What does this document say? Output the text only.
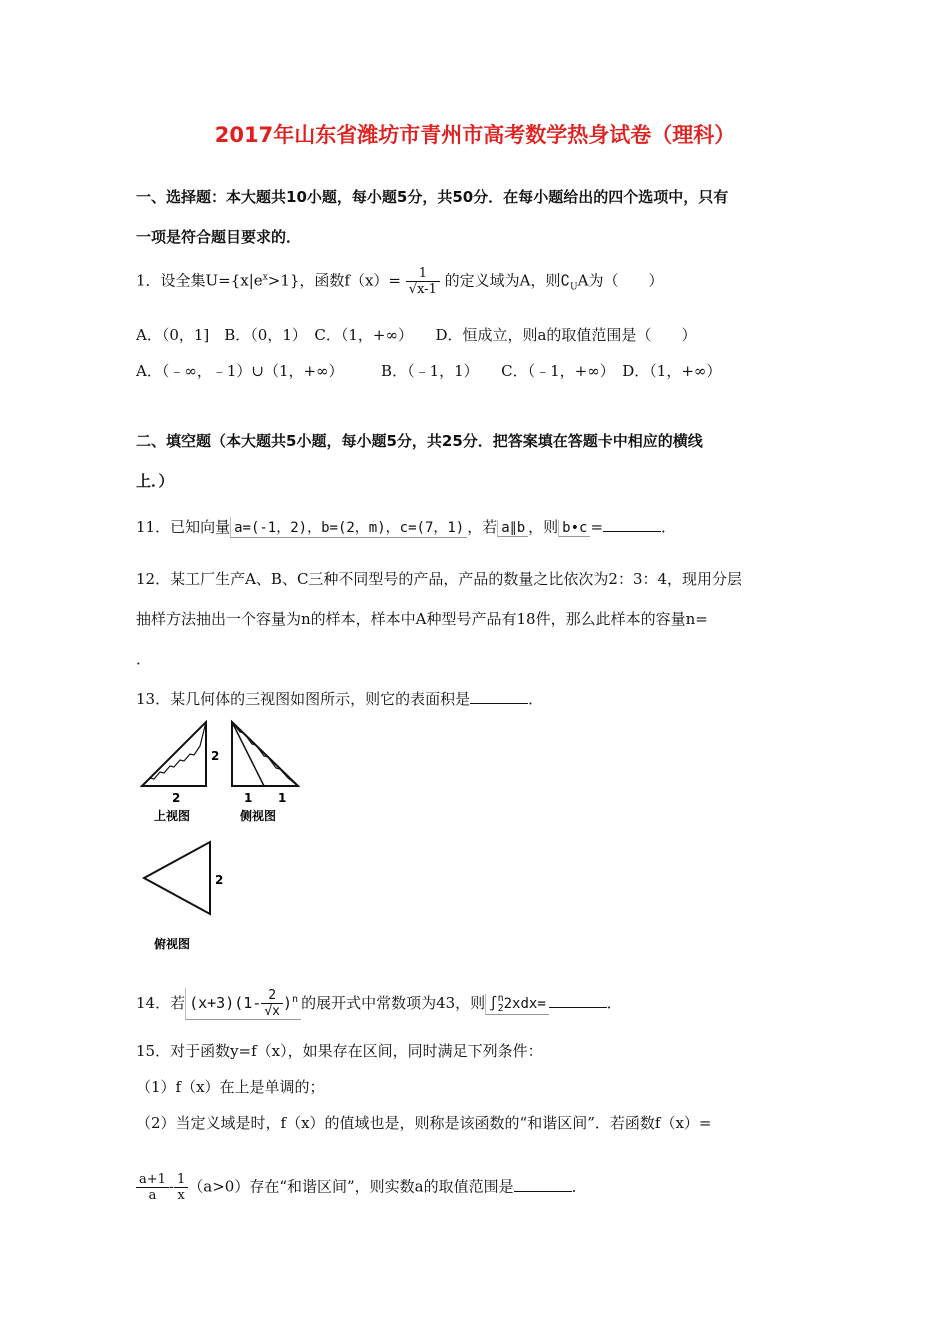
2017年山东省潍坊市青州市高考数学热身试卷（理科）
一、选择题：本大题共10小题，每小题5分，共50分．在每小题给出的四个选项中，只有
一项是符合题目要求的．
1．设全集$U=\{x|e^x>1\}$，函数$f(x)= \frac{1}{√x-1}$ 的定义域为A，则$∁_UA$为（　　）
A．（0，1]　B．（0，1）　C．（1，+∞）　　D．恒成立，则a的取值范围是（　　）
A．（﹣∞，﹣1）∪（1，+∞）　　　B．（﹣1，1）　　C．（﹣1，+∞）　D．（1，+∞）
二、填空题（本大题共5小题，每小题5分，共25分．把答案填在答题卡中相应的横线
上．）
11．已知向量 a=(-1，2)，b=(2，m)，c=(7，1) ，若 a∥b ，则 b•c =	．
12．某工厂生产A、B、C三种不同型号的产品，产品的数量之比依次为2：3：4，现用分层
抽样方法抽出一个容量为n的样本，样本中A种型号产品有18件，那么此样本的容量n=
．
13．某几何体的三视图如图所示，则它的表面积是	．
2
2
上视图
1 1
侧视图
2
俯视图
14．若 $(x+3)(1- \frac{2}{√x} )^n$ 的展开式中常数项为43，则 ∫ n
2 2xdx=	．
15．对于函数y=f（x），如果存在区间，同时满足下列条件：
（1）f（x）在上是单调的；
（2）当定义域是时，f（x）的值域也是，则称是该函数的“和谐区间”．若函数f（x）=
$\frac{a+1}{a} - \frac{1}{x} (a>0)$存在“和谐区间”，则实数a的取值范围是	．
